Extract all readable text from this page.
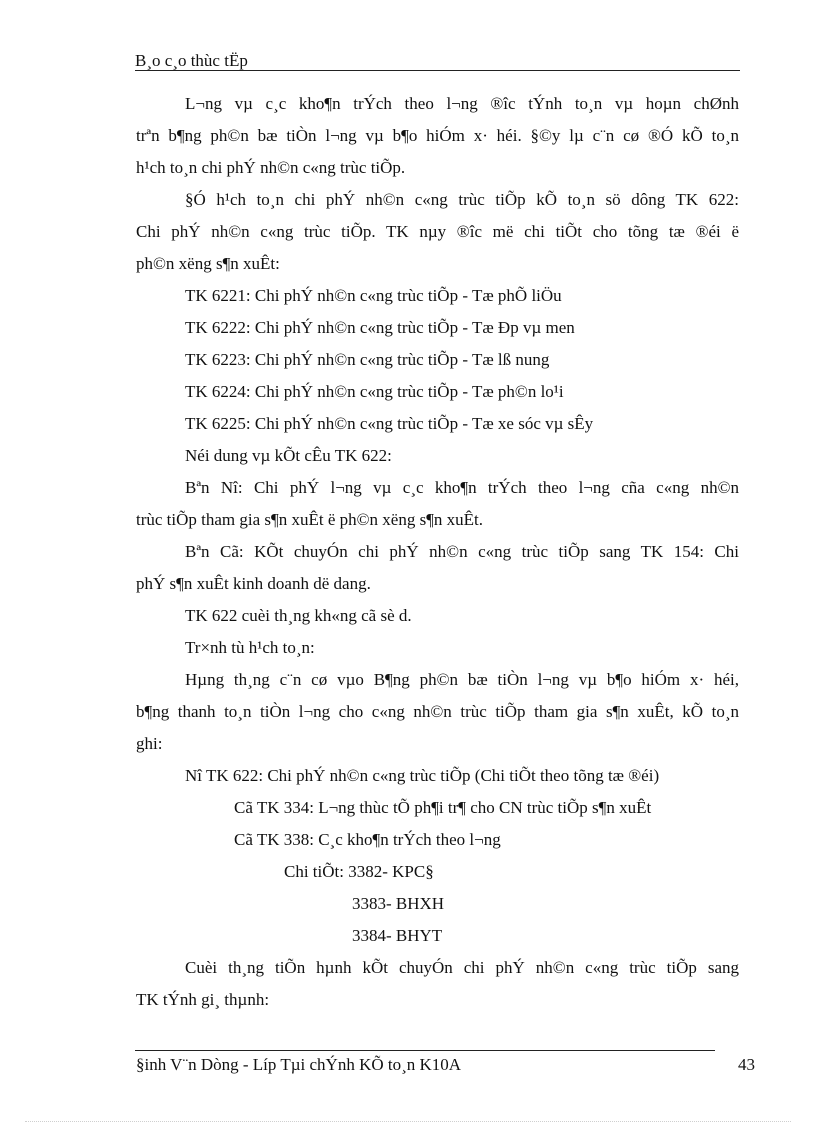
B¸o c¸o thùc tËp
L¬ng vµ c¸c kho¶n trÝch theo l¬ng ®îc tÝnh to¸n vµ hoµn chØnh
trªn b¶ng ph©n bæ tiÒn l¬ng vµ b¶o hiÓm x· héi. §©y lµ c¨n cø ®Ó kÕ to¸n
h¹ch to¸n chi phÝ nh©n c«ng trùc tiÕp.
§Ó h¹ch to¸n chi phÝ nh©n c«ng trùc tiÕp kÕ to¸n sö dông TK 622:
Chi phÝ nh©n c«ng trùc tiÕp. TK nµy ®îc më chi tiÕt cho tõng tæ ®éi ë
ph©n xëng s¶n xuÊt:
TK 6221: Chi phÝ nh©n c«ng trùc tiÕp - Tæ phÕ liÖu
TK 6222: Chi phÝ nh©n c«ng trùc tiÕp - Tæ Ðp vµ men
TK 6223: Chi phÝ nh©n c«ng trùc tiÕp - Tæ lß nung
TK 6224: Chi phÝ nh©n c«ng trùc tiÕp - Tæ ph©n lo¹i
TK 6225: Chi phÝ nh©n c«ng trùc tiÕp - Tæ xe sóc vµ sÊy
Néi dung vµ kÕt cÊu TK 622:
Bªn Nî: Chi phÝ l¬ng vµ c¸c kho¶n trÝch theo l¬ng cña c«ng nh©n
trùc tiÕp tham gia s¶n xuÊt ë ph©n xëng s¶n xuÊt.
Bªn Cã: KÕt chuyÓn chi phÝ nh©n c«ng trùc tiÕp sang TK 154: Chi
phÝ s¶n xuÊt kinh doanh dë dang.
TK 622 cuèi th¸ng kh«ng cã sè d.
Tr×nh tù h¹ch to¸n:
Hµng th¸ng c¨n cø vµo B¶ng ph©n bæ tiÒn l¬ng vµ b¶o hiÓm x· héi,
b¶ng thanh to¸n tiÒn l¬ng cho c«ng nh©n trùc tiÕp tham gia s¶n xuÊt, kÕ to¸n
ghi:
Nî TK 622: Chi phÝ nh©n c«ng trùc tiÕp (Chi tiÕt theo tõng tæ ®éi)
Cã TK 334: L¬ng thùc tÕ ph¶i tr¶ cho CN trùc tiÕp s¶n xuÊt
Cã TK 338: C¸c kho¶n trÝch theo l¬ng
Chi tiÕt: 3382- KPC§
3383- BHXH
3384- BHYT
Cuèi th¸ng tiÕn hµnh kÕt chuyÓn chi phÝ nh©n c«ng trùc tiÕp sang
TK tÝnh gi¸ thµnh:
§inh V¨n Dòng - Líp Tµi chÝnh KÕ to¸n K10A	43
